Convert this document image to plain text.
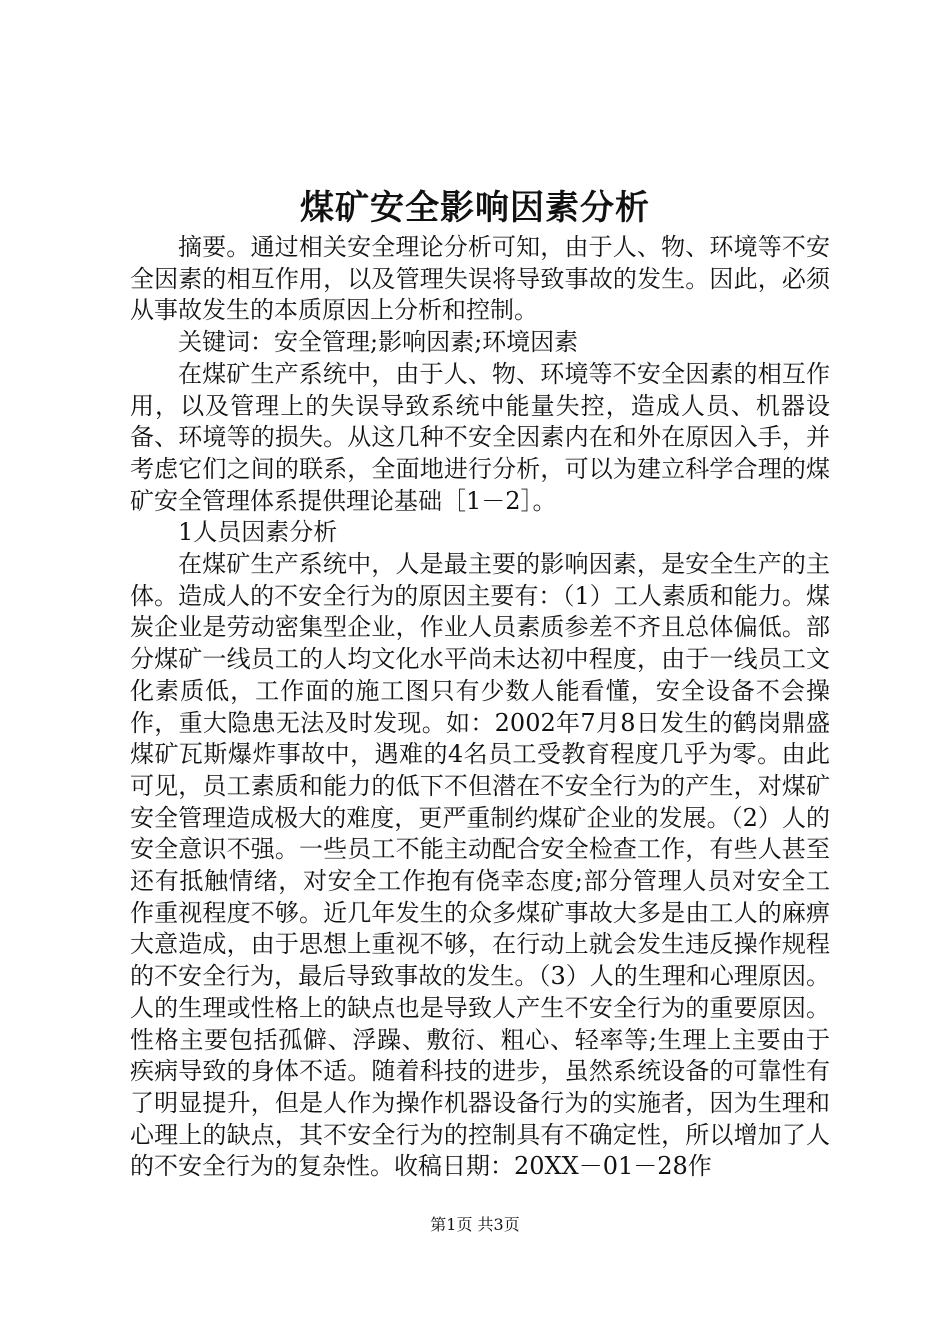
煤矿安全影响因素分析

摘要。通过相关安全理论分析可知，由于人、物、环境等不安全因素的相互作用，以及管理失误将导致事故的发生。因此，必须从事故发生的本质原因上分析和控制。

关键词：安全管理;影响因素;环境因素

在煤矿生产系统中，由于人、物、环境等不安全因素的相互作用，以及管理上的失误导致系统中能量失控，造成人员、机器设备、环境等的损失。从这几种不安全因素内在和外在原因入手，并考虑它们之间的联系，全面地进行分析，可以为建立科学合理的煤矿安全管理体系提供理论基础［1－2］。

1人员因素分析

在煤矿生产系统中，人是最主要的影响因素，是安全生产的主体。造成人的不安全行为的原因主要有：（1）工人素质和能力。煤炭企业是劳动密集型企业，作业人员素质参差不齐且总体偏低。部分煤矿一线员工的人均文化水平尚未达初中程度，由于一线员工文化素质低，工作面的施工图只有少数人能看懂，安全设备不会操作，重大隐患无法及时发现。如：2002年7月8日发生的鹤岗鼎盛煤矿瓦斯爆炸事故中，遇难的4名员工受教育程度几乎为零。由此可见，员工素质和能力的低下不但潜在不安全行为的产生，对煤矿安全管理造成极大的难度，更严重制约煤矿企业的发展。（2）人的安全意识不强。一些员工不能主动配合安全检查工作，有些人甚至还有抵触情绪，对安全工作抱有侥幸态度;部分管理人员对安全工作重视程度不够。近几年发生的众多煤矿事故大多是由工人的麻痹大意造成，由于思想上重视不够，在行动上就会发生违反操作规程的不安全行为，最后导致事故的发生。（3）人的生理和心理原因。人的生理或性格上的缺点也是导致人产生不安全行为的重要原因。性格主要包括孤僻、浮躁、敷衍、粗心、轻率等;生理上主要由于疾病导致的身体不适。随着科技的进步，虽然系统设备的可靠性有了明显提升，但是人作为操作机器设备行为的实施者，因为生理和心理上的缺点，其不安全行为的控制具有不确定性，所以增加了人的不安全行为的复杂性。收稿日期：20XX－01－28作

第1页 共3页
